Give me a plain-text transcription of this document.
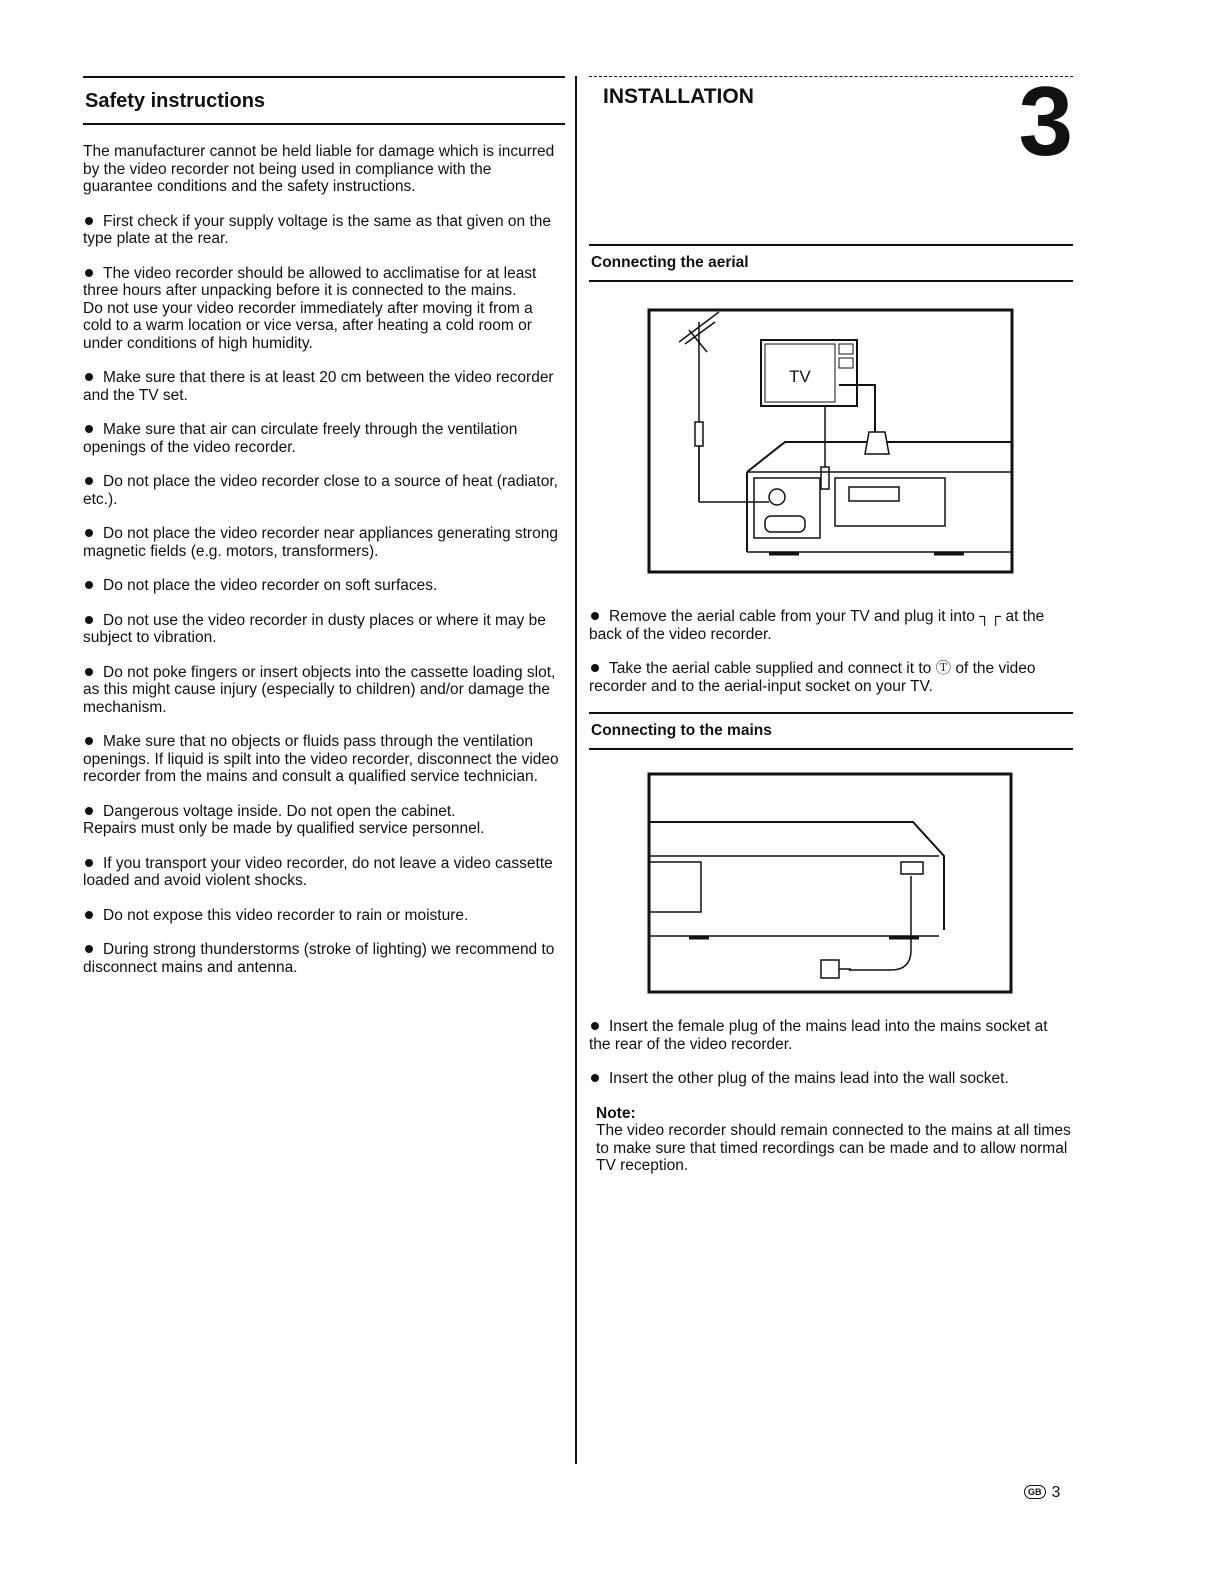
Safety instructions

The manufacturer cannot be held liable for damage which is incurred by the video recorder not being used in compliance with the guarantee conditions and the safety instructions.

First check if your supply voltage is the same as that given on the type plate at the rear.

The video recorder should be allowed to acclimatise for at least three hours after unpacking before it is connected to the mains.
Do not use your video recorder immediately after moving it from a cold to a warm location or vice versa, after heating a cold room or under conditions of high humidity.

Make sure that there is at least 20 cm between the video recorder and the TV set.

Make sure that air can circulate freely through the ventilation openings of the video recorder.

Do not place the video recorder close to a source of heat (radiator, etc.).

Do not place the video recorder near appliances generating strong magnetic fields (e.g. motors, transformers).

Do not place the video recorder on soft surfaces.

Do not use the video recorder in dusty places or where it may be subject to vibration.

Do not poke fingers or insert objects into the cassette loading slot, as this might cause injury (especially to children) and/or damage the mechanism.

Make sure that no objects or fluids pass through the ventilation openings. If liquid is spilt into the video recorder, disconnect the video recorder from the mains and consult a qualified service technician.

Dangerous voltage inside. Do not open the cabinet.
Repairs must only be made by qualified service personnel.

If you transport your video recorder, do not leave a video cassette loaded and avoid violent shocks.

Do not expose this video recorder to rain or moisture.

During strong thunderstorms (stroke of lighting) we recommend to disconnect mains and antenna.

INSTALLATION	3
Connecting the aerial
TV

Remove the aerial cable from your TV and plug it into ┐┌ at the back of the video recorder.

Take the aerial cable supplied and connect it to Ⓣ of the video recorder and to the aerial-input socket on your TV.

Connecting to the mains

Insert the female plug of the mains lead into the mains socket at the rear of the video recorder.

Insert the other plug of the mains lead into the wall socket.

Note:
The video recorder should remain connected to the mains at all times to make sure that timed recordings can be made and to allow normal TV reception.
GB 3
